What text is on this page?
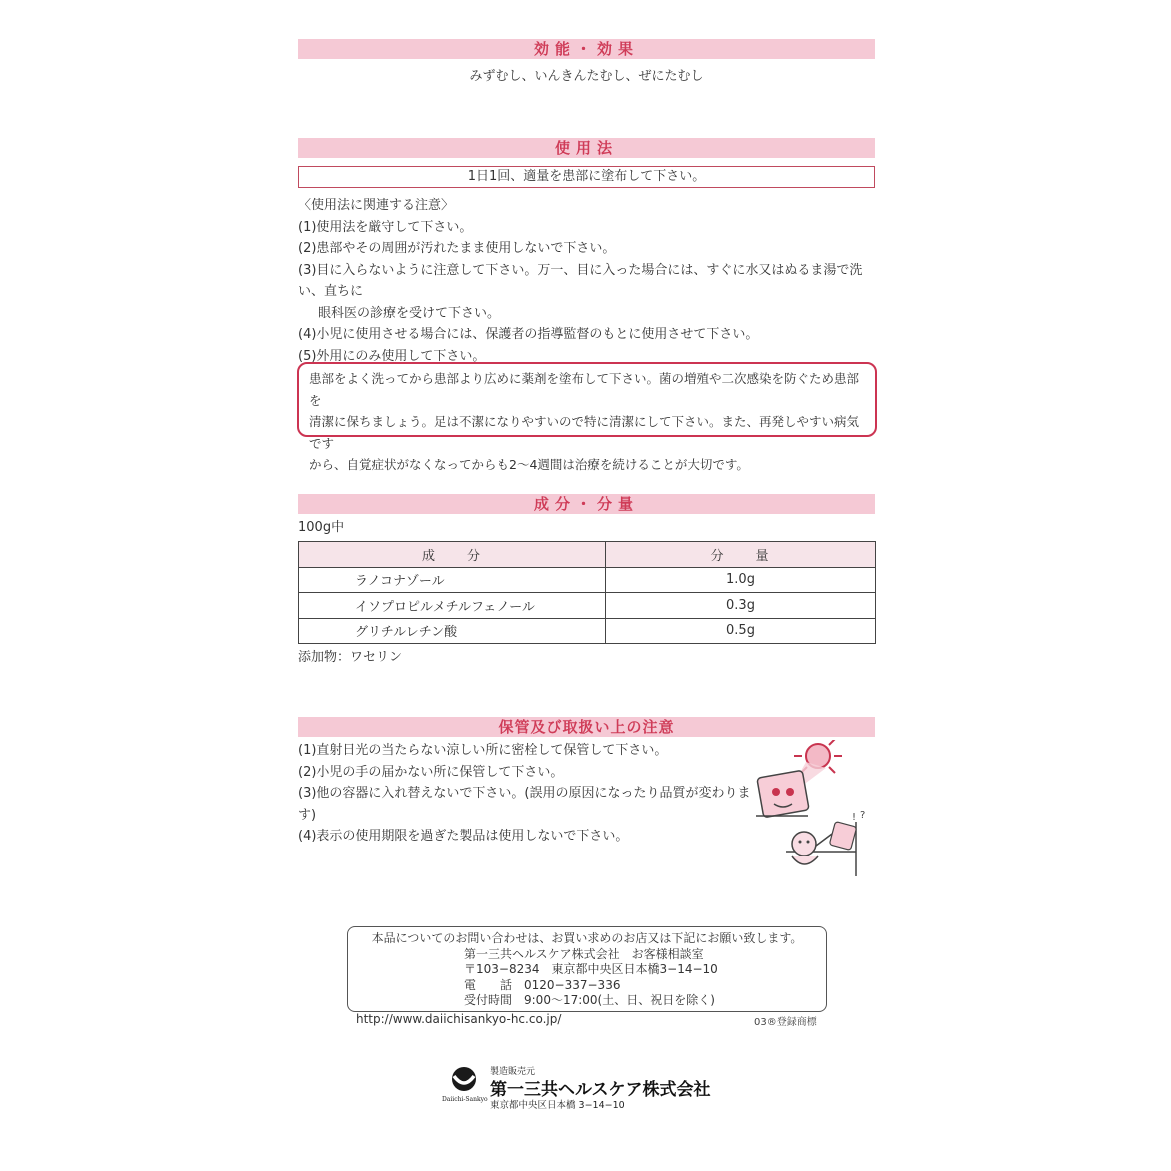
効能・効果
みずむし、いんきんたむし、ぜにたむし
使用法
1日1回、適量を患部に塗布して下さい。
〈使用法に関連する注意〉
(1)使用法を厳守して下さい。
(2)患部やその周囲が汚れたまま使用しないで下さい。
(3)目に入らないように注意して下さい。万一、目に入った場合には、すぐに水又はぬるま湯で洗い、直ちに
眼科医の診療を受けて下さい。
(4)小児に使用させる場合には、保護者の指導監督のもとに使用させて下さい。
(5)外用にのみ使用して下さい。
患部をよく洗ってから患部より広めに薬剤を塗布して下さい。菌の増殖や二次感染を防ぐため患部を
清潔に保ちましょう。足は不潔になりやすいので特に清潔にして下さい。また、再発しやすい病気です
から、自覚症状がなくなってからも2～4週間は治療を続けることが大切です。
成分・分量
100g中
成　　分	分　　量
ラノコナゾール	1.0g
イソプロピルメチルフェノール	0.3g
グリチルレチン酸	0.5g
添加物：ワセリン
保管及び取扱い上の注意
(1)直射日光の当たらない涼しい所に密栓して保管して下さい。
(2)小児の手の届かない所に保管して下さい。
(3)他の容器に入れ替えないで下さい。(誤用の原因になったり品質が変わります)
(4)表示の使用期限を過ぎた製品は使用しないで下さい。
! ?
本品についてのお問い合わせは、お買い求めのお店又は下記にお願い致します。
第一三共ヘルスケア株式会社　お客様相談室
〒103−8234　東京都中央区日本橋3−14−10
電　　話　0120−337−336
受付時間　9:00〜17:00(土、日、祝日を除く)
http://www.daiichisankyo-hc.co.jp/	03®登録商標
Daiichi-Sankyo
製造販売元
第一三共ヘルスケア株式会社
東京都中央区日本橋 3−14−10
